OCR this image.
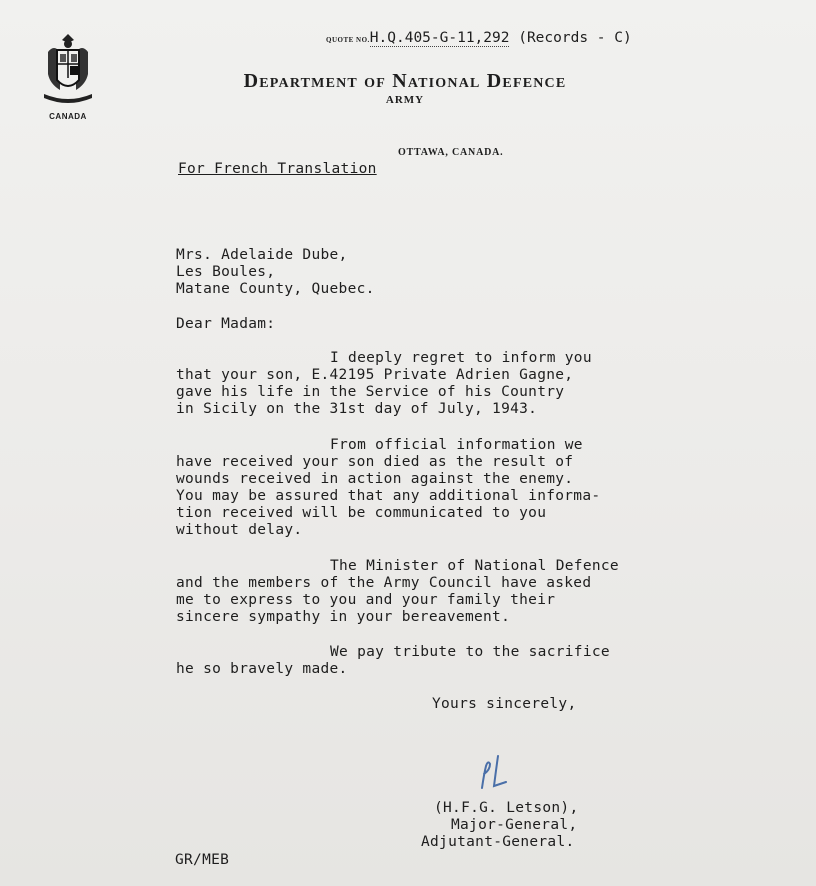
CANADA
QUOTE NO.H.Q.405-G-11,292 (Records - C)
Department of National Defence
ARMY
OTTAWA, CANADA.
For French Translation
Mrs. Adelaide Dube,
Les Boules,
Matane County, Quebec.
Dear Madam:
I deeply regret to inform you
that your son, E.42195 Private Adrien Gagne,
gave his life in the Service of his Country
in Sicily on the 31st day of July, 1943.
From official information we
have received your son died as the result of
wounds received in action against the enemy.
You may be assured that any additional informa-
tion received will be communicated to you
without delay.
The Minister of National Defence
and the members of the Army Council have asked
me to express to you and your family their
sincere sympathy in your bereavement.
We pay tribute to the sacrifice
he so bravely made.
Yours sincerely,
(H.F.G. Letson),
Major-General,
Adjutant-General.
GR/MEB
